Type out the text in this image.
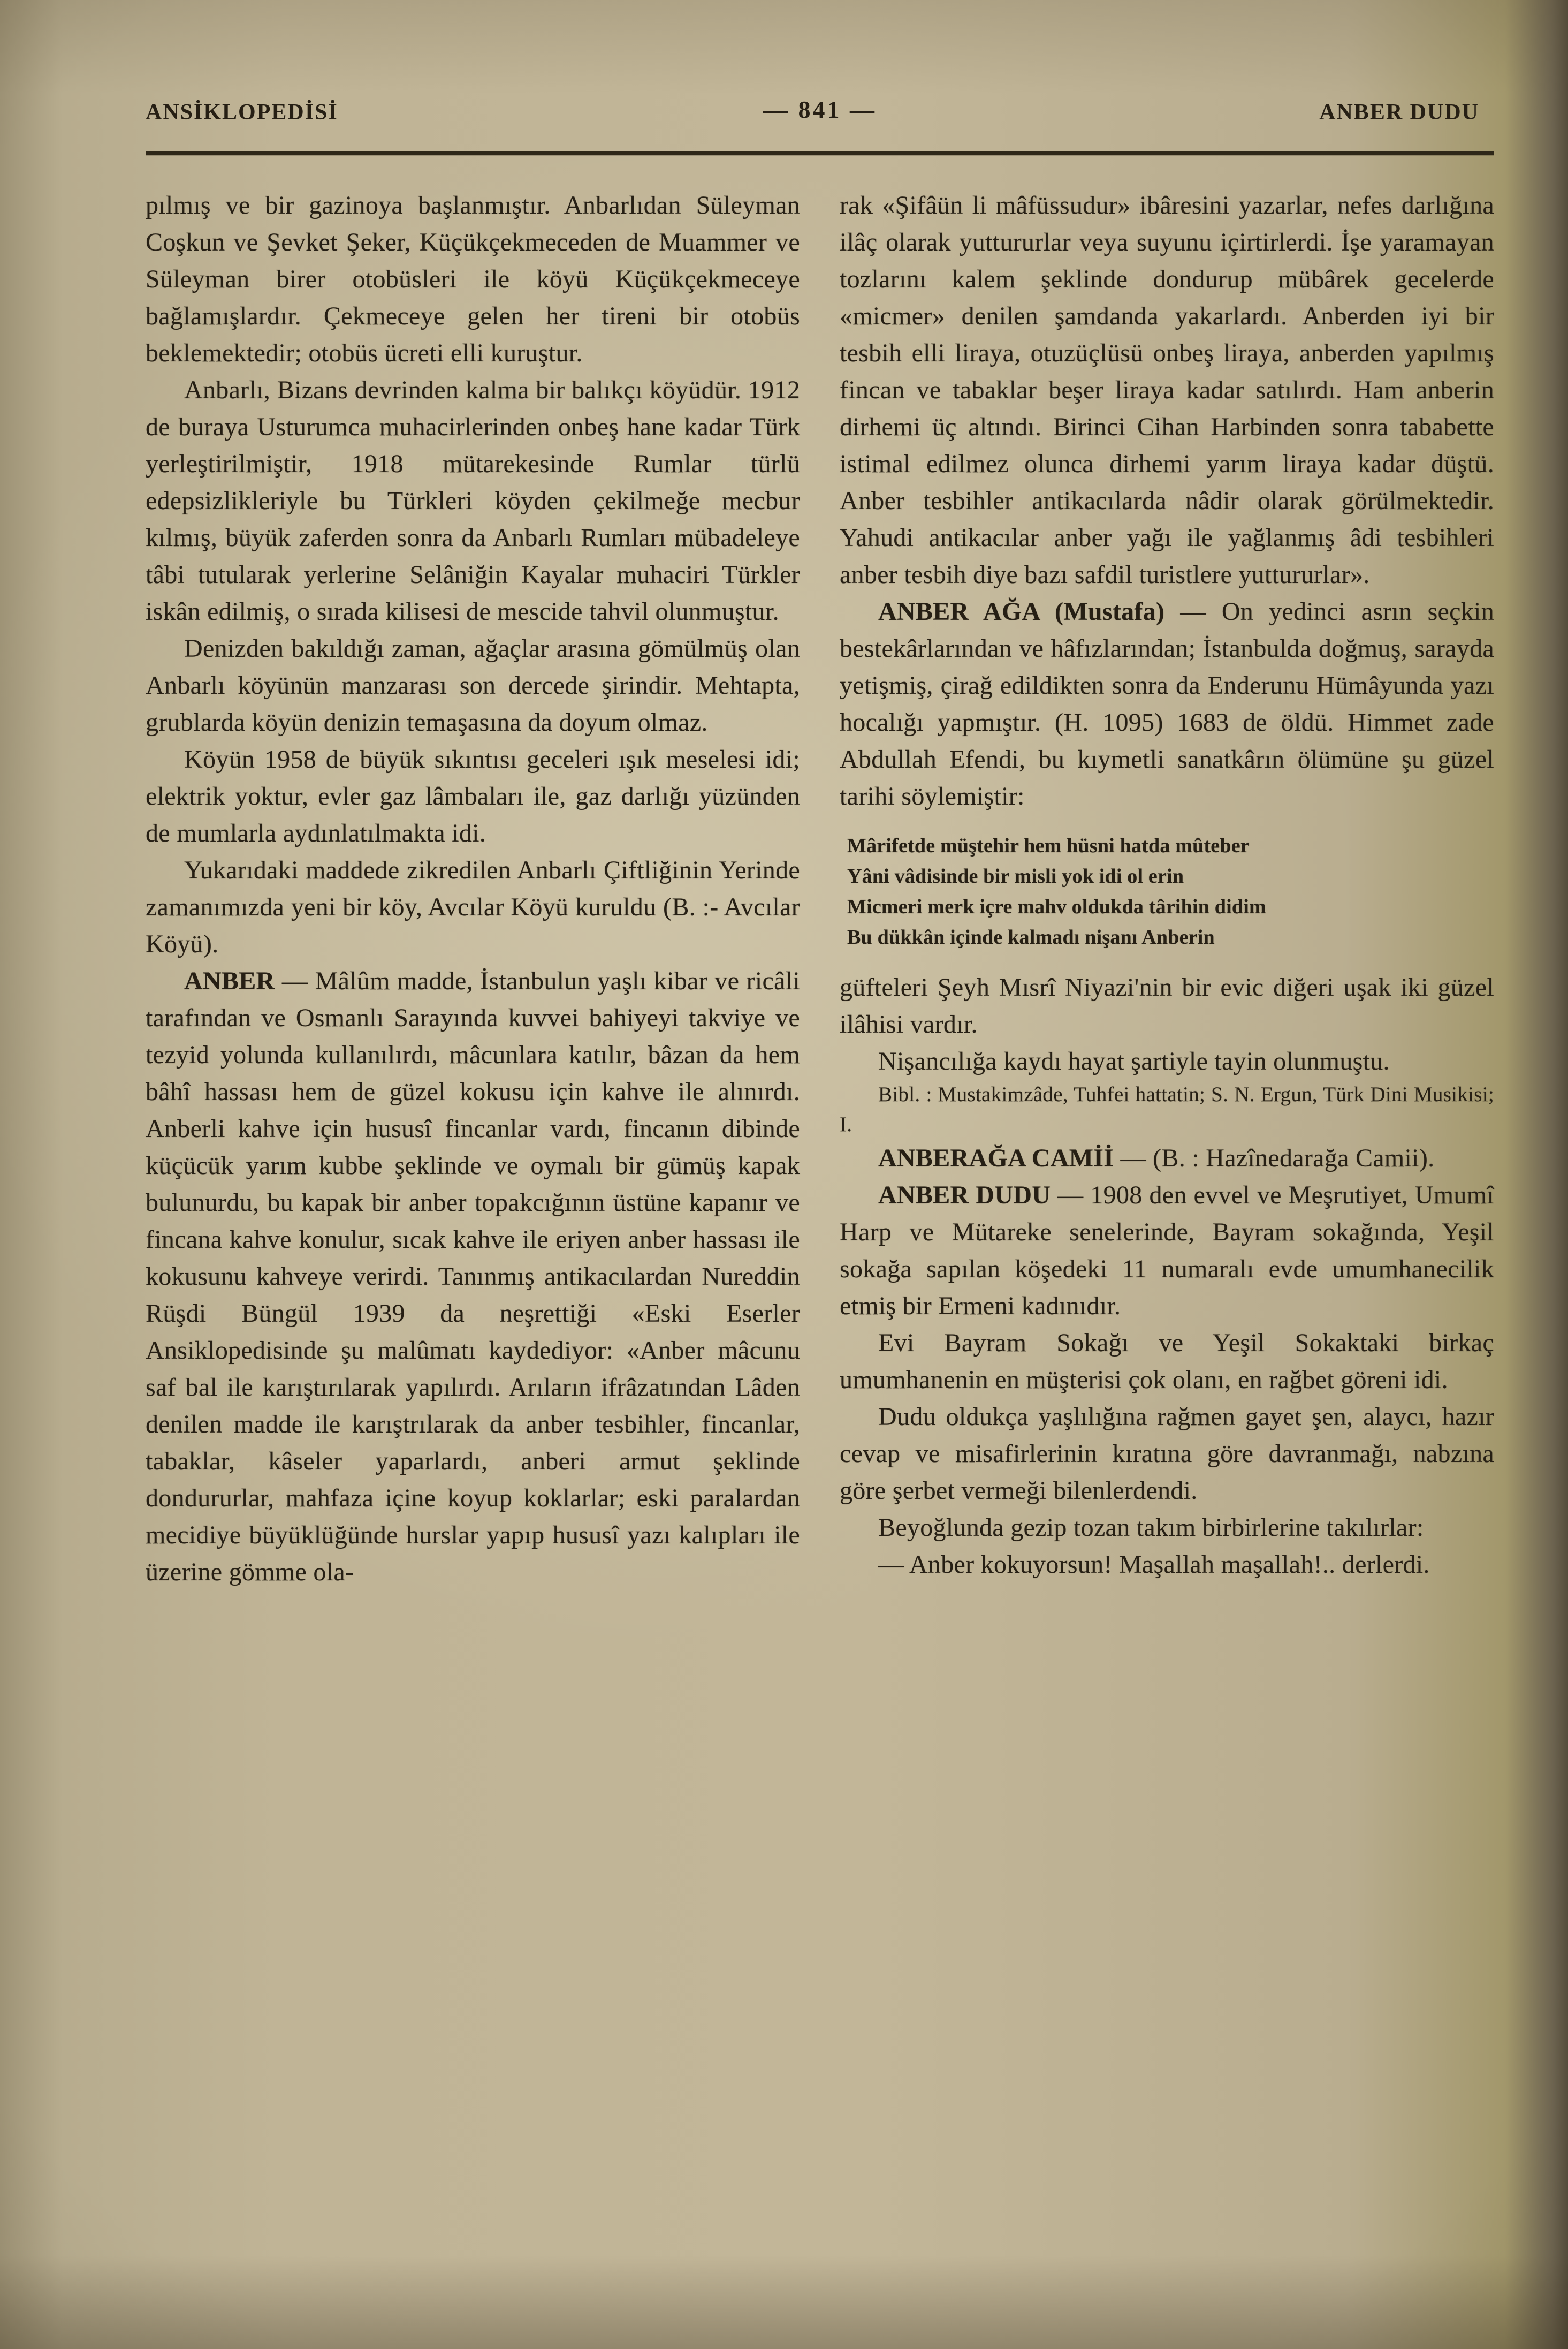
ANSİKLOPEDİSİ	— 841 —	ANBER DUDU

pılmış ve bir gazinoya başlanmıştır. Anbarlıdan Süleyman Coşkun ve Şevket Şeker, Küçükçekmeceden de Muammer ve Süleyman birer otobüsleri ile köyü Küçükçekmeceye bağlamışlardır. Çekmeceye gelen her tireni bir otobüs beklemektedir; otobüs ücreti elli kuruştur.

Anbarlı, Bizans devrinden kalma bir balıkçı köyüdür. 1912 de buraya Usturumca muhacirlerinden onbeş hane kadar Türk yerleştirilmiştir, 1918 mütarekesinde Rumlar türlü edepsizlikleriyle bu Türkleri köyden çekilmeğe mecbur kılmış, büyük zaferden sonra da Anbarlı Rumları mübadeleye tâbi tutularak yerlerine Selâniğin Kayalar muhaciri Türkler iskân edilmiş, o sırada kilisesi de mescide tahvil olunmuştur.

Denizden bakıldığı zaman, ağaçlar arasına gömülmüş olan Anbarlı köyünün manzarası son dercede şirindir. Mehtapta, grublarda köyün denizin temaşasına da doyum olmaz.

Köyün 1958 de büyük sıkıntısı geceleri ışık meselesi idi; elektrik yoktur, evler gaz lâmbaları ile, gaz darlığı yüzünden de mumlarla aydınlatılmakta idi.

Yukarıdaki maddede zikredilen Anbarlı Çiftliğinin Yerinde zamanımızda yeni bir köy, Avcılar Köyü kuruldu (B. :- Avcılar Köyü).

ANBER — Mâlûm madde, İstanbulun yaşlı kibar ve ricâli tarafından ve Osmanlı Sarayında kuvvei bahiyeyi takviye ve tezyid yolunda kullanılırdı, mâcunlara katılır, bâzan da hem bâhî hassası hem de güzel kokusu için kahve ile alınırdı. Anberli kahve için hususî fincanlar vardı, fincanın dibinde küçücük yarım kubbe şeklinde ve oymalı bir gümüş kapak bulunurdu, bu kapak bir anber topakcığının üstüne kapanır ve fincana kahve konulur, sıcak kahve ile eriyen anber hassası ile kokusunu kahveye verirdi. Tanınmış antikacılardan Nureddin Rüşdi Büngül 1939 da neşrettiği «Eski Eserler Ansiklopedisinde şu malûmatı kaydediyor: «Anber mâcunu saf bal ile karıştırılarak yapılırdı. Arıların ifrâzatından Lâden denilen madde ile karıştrılarak da anber tesbihler, fincanlar, tabaklar, kâseler yaparlardı, anberi armut şeklinde dondururlar, mahfaza içine koyup koklarlar; eski paralardan mecidiye büyüklüğünde hurslar yapıp hususî yazı kalıpları ile üzerine gömme ola-

rak «Şifâün li mâfüssudur» ibâresini yazarlar, nefes darlığına ilâç olarak yuttururlar veya suyunu içirtirlerdi. İşe yaramayan tozlarını kalem şeklinde dondurup mübârek gecelerde «micmer» denilen şamdanda yakarlardı. Anberden iyi bir tesbih elli liraya, otuzüçlüsü onbeş liraya, anberden yapılmış fincan ve tabaklar beşer liraya kadar satılırdı. Ham anberin dirhemi üç altındı. Birinci Cihan Harbinden sonra tababette istimal edilmez olunca dirhemi yarım liraya kadar düştü. Anber tesbihler antikacılarda nâdir olarak görülmektedir. Yahudi antikacılar anber yağı ile yağlanmış âdi tesbihleri anber tesbih diye bazı safdil turistlere yuttururlar».

ANBER AĞA (Mustafa) — On yedinci asrın seçkin bestekârlarından ve hâfızlarından; İstanbulda doğmuş, sarayda yetişmiş, çirağ edildikten sonra da Enderunu Hümâyunda yazı hocalığı yapmıştır. (H. 1095) 1683 de öldü. Himmet zade Abdullah Efendi, bu kıymetli sanatkârın ölümüne şu güzel tarihi söylemiştir:

Mârifetde müştehir hem hüsni hatda mûteber
Yâni vâdisinde bir misli yok idi ol erin
Micmeri merk içre mahv oldukda târihin didim
Bu dükkân içinde kalmadı nişanı Anberin

güfteleri Şeyh Mısrî Niyazi'nin bir evic diğeri uşak iki güzel ilâhisi vardır.

Nişancılığa kaydı hayat şartiyle tayin olunmuştu.

Bibl. : Mustakimzâde, Tuhfei hattatin; S. N. Ergun, Türk Dini Musikisi; I.

ANBERAĞA CAMİİ — (B. : Hazînedarağa Camii).

ANBER DUDU — 1908 den evvel ve Meşrutiyet, Umumî Harp ve Mütareke senelerinde, Bayram sokağında, Yeşil sokağa sapılan köşedeki 11 numaralı evde umumhanecilik etmiş bir Ermeni kadınıdır.

Evi Bayram Sokağı ve Yeşil Sokaktaki birkaç umumhanenin en müşterisi çok olanı, en rağbet göreni idi.

Dudu oldukça yaşlılığına rağmen gayet şen, alaycı, hazır cevap ve misafirlerinin kıratına göre davranmağı, nabzına göre şerbet vermeği bilenlerdendi.

Beyoğlunda gezip tozan takım birbirlerine takılırlar:

— Anber kokuyorsun! Maşallah maşallah!.. derlerdi.
